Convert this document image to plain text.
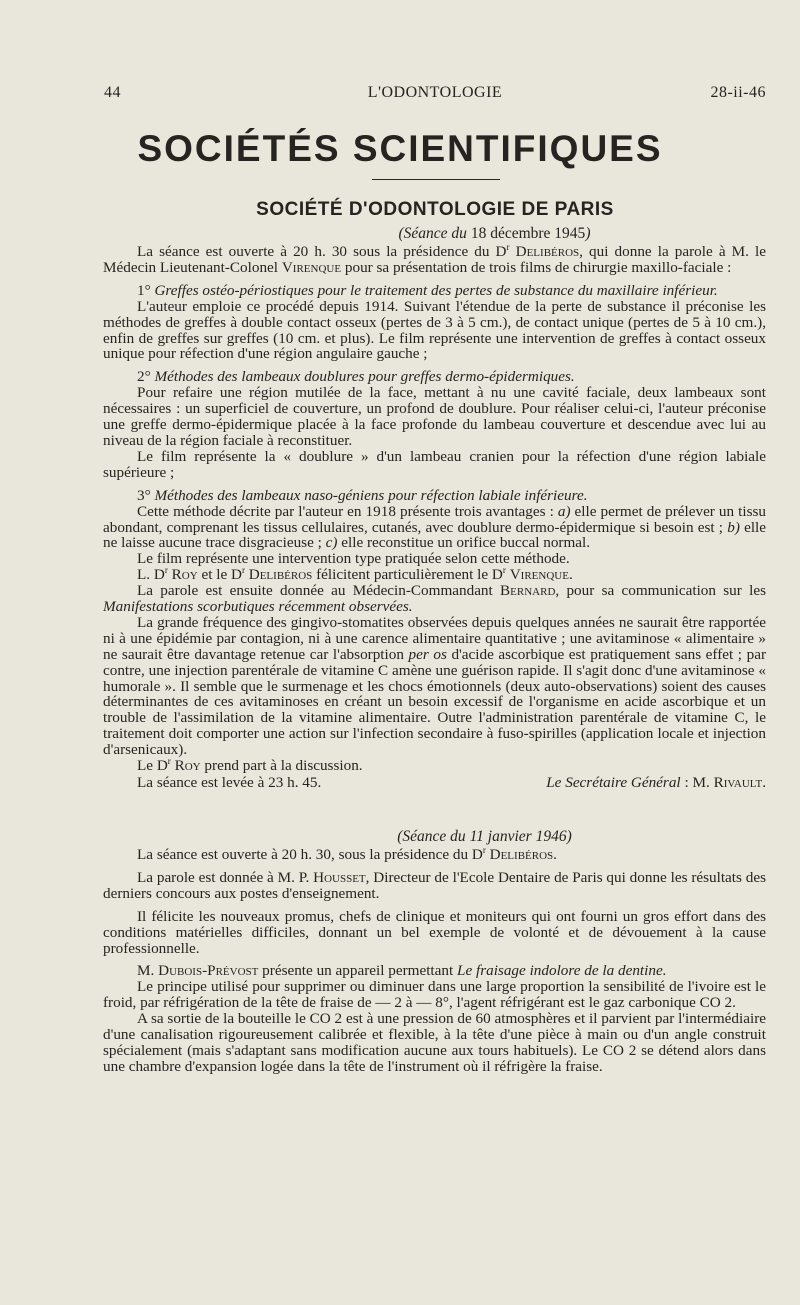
44	L'ODONTOLOGIE	28-ii-46
SOCIÉTÉS SCIENTIFIQUES
SOCIÉTÉ D'ODONTOLOGIE DE PARIS
(Séance du 18 décembre 1945)

La séance est ouverte à 20 h. 30 sous la présidence du $D^r$ Delibéros, qui donne la parole à M. le Médecin Lieutenant-Colonel Virenque pour sa présentation de trois films de chirurgie maxillo-faciale :

1° Greffes ostéo-périostiques pour le traitement des pertes de substance du maxillaire inférieur.

L'auteur emploie ce procédé depuis 1914. Suivant l'étendue de la perte de substance il préconise les méthodes de greffes à double contact osseux (pertes de 3 à 5 cm.), de contact unique (pertes de 5 à 10 cm.), enfin de greffes sur greffes (10 cm. et plus). Le film représente une intervention de greffes à contact osseux unique pour réfection d'une région angulaire gauche ;

2° Méthodes des lambeaux doublures pour greffes dermo-épidermiques.

Pour refaire une région mutilée de la face, mettant à nu une cavité faciale, deux lambeaux sont nécessaires : un superficiel de couverture, un profond de doublure. Pour réaliser celui-ci, l'auteur préconise une greffe dermo-épidermique placée à la face profonde du lambeau couverture et descendue avec lui au niveau de la région faciale à reconstituer.

Le film représente la « doublure » d'un lambeau cranien pour la réfection d'une région labiale supérieure ;

3° Méthodes des lambeaux naso-géniens pour réfection labiale inférieure.

Cette méthode décrite par l'auteur en 1918 présente trois avantages : a) elle permet de prélever un tissu abondant, comprenant les tissus cellulaires, cutanés, avec doublure dermo-épidermique si besoin est ; b) elle ne laisse aucune trace disgracieuse ; c) elle reconstitue un orifice buccal normal.

Le film représente une intervention type pratiquée selon cette méthode.

L. $D^r$ Roy et le $D^r$ Delibéros félicitent particulièrement le $D^r$ Virenque.

La parole est ensuite donnée au Médecin-Commandant Bernard, pour sa communication sur les Manifestations scorbutiques récemment observées.

La grande fréquence des gingivo-stomatites observées depuis quelques années ne saurait être rapportée ni à une épidémie par contagion, ni à une carence alimentaire quantitative ; une avitaminose « alimentaire » ne saurait être davantage retenue car l'absorption per os d'acide ascorbique est pratiquement sans effet ; par contre, une injection parentérale de vitamine C amène une guérison rapide. Il s'agit donc d'une avitaminose « humorale ». Il semble que le surmenage et les chocs émotionnels (deux auto-observations) soient des causes déterminantes de ces avitaminoses en créant un besoin excessif de l'organisme en acide ascorbique et un trouble de l'assimilation de la vitamine alimentaire. Outre l'administration parentérale de vitamine C, le traitement doit comporter une action sur l'infection secondaire à fuso-spirilles (application locale et injection d'arsenicaux).

Le $D^r$ Roy prend part à la discussion.

La séance est levée à 23 h. 45.	Le Secrétaire Général : M. Rivault.
(Séance du 11 janvier 1946)

La séance est ouverte à 20 h. 30, sous la présidence du $D^r$ Delibéros.

La parole est donnée à M. P. Housset, Directeur de l'Ecole Dentaire de Paris qui donne les résultats des derniers concours aux postes d'enseignement.

Il félicite les nouveaux promus, chefs de clinique et moniteurs qui ont fourni un gros effort dans des conditions matérielles difficiles, donnant un bel exemple de volonté et de dévouement à la cause professionnelle.

M. Dubois-Prévost présente un appareil permettant Le fraisage indolore de la dentine.

Le principe utilisé pour supprimer ou diminuer dans une large proportion la sensibilité de l'ivoire est le froid, par réfrigération de la tête de fraise de — 2 à — 8°, l'agent réfrigérant est le gaz carbonique CO 2.

A sa sortie de la bouteille le CO 2 est à une pression de 60 atmosphères et il parvient par l'intermédiaire d'une canalisation rigoureusement calibrée et flexible, à la tête d'une pièce à main ou d'un angle construit spécialement (mais s'adaptant sans modification aucune aux tours habituels). Le CO 2 se détend alors dans une chambre d'expansion logée dans la tête de l'instrument où il réfrigère la fraise.
